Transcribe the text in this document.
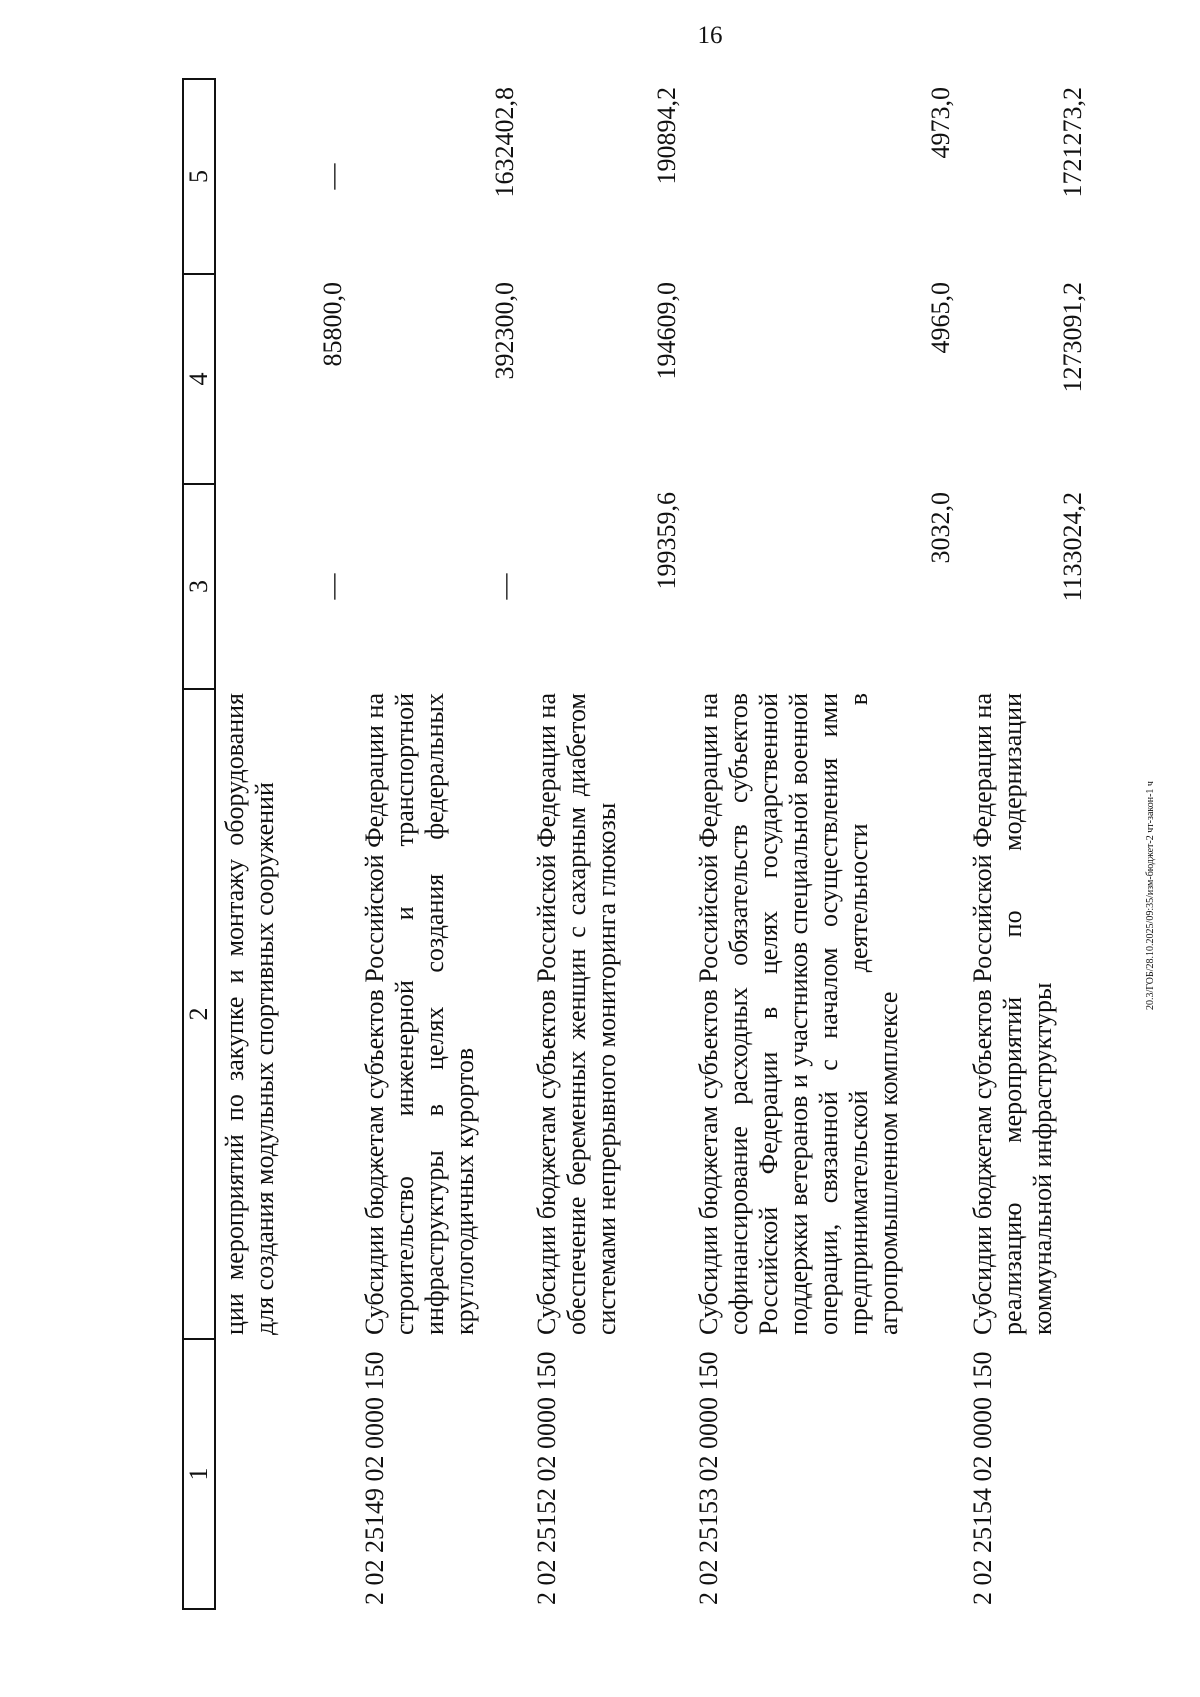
16
20.3/ГОБ/28.10.2025/09:35/изм-бюджет-2 чт-закон-1 ч
1	2	3	4	5
	ции мероприятий по закупке и монтажу оборудования для создания модульных спортивных сооружений	—	85800,0	—
2 02 25149 02 0000 150	Субсидии бюджетам субъектов Российской Федерации на строительство инженерной и транспортной инфраструктуры в целях создания федеральных круглогодичных курортов	—	392300,0	1632402,8
2 02 25152 02 0000 150	Субсидии бюджетам субъектов Российской Федерации на обеспечение беременных женщин с сахарным диабетом системами непрерывного мониторинга глюкозы	199359,6	194609,0	190894,2
2 02 25153 02 0000 150	Субсидии бюджетам субъектов Российской Федерации на софинансирование расходных обязательств субъектов Российской Федерации в целях государственной поддержки ветеранов и участников специальной военной операции, связанной с началом осуществления ими предпринимательской деятельности в агропромышленном комплексе	3032,0	4965,0	4973,0
2 02 25154 02 0000 150	Субсидии бюджетам субъектов Российской Федерации на реализацию мероприятий по модернизации коммунальной инфраструктуры	1133024,2	1273091,2	1721273,2
